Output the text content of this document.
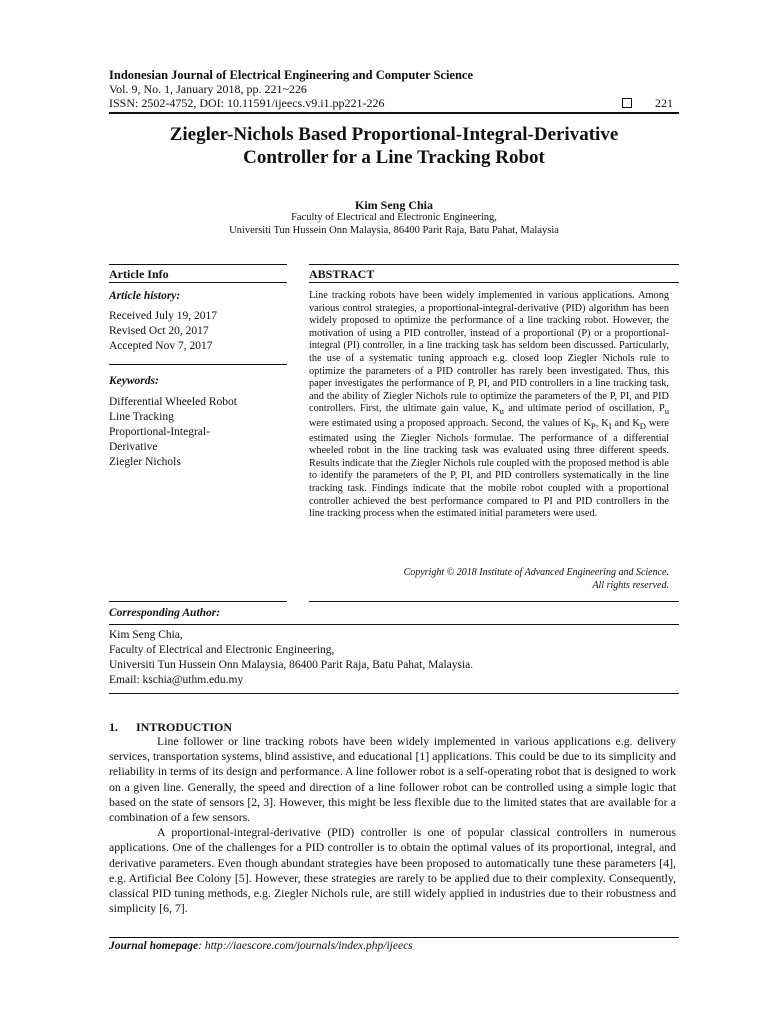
Indonesian Journal of Electrical Engineering and Computer Science
Vol. 9, No. 1, January 2018, pp. 221~226
ISSN: 2502-4752, DOI: 10.11591/ijeecs.v9.i1.pp221-226	221
Ziegler-Nichols Based Proportional-Integral-Derivative
Controller for a Line Tracking Robot
Kim Seng Chia
Faculty of Electrical and Electronic Engineering,
Universiti Tun Hussein Onn Malaysia, 86400 Parit Raja, Batu Pahat, Malaysia
Article Info	ABSTRACT
Article history:
Received July 19, 2017
Revised Oct 20, 2017
Accepted Nov 7, 2017
Keywords:
Differential Wheeled Robot
Line Tracking
Proportional-Integral-
Derivative
Ziegler Nichols
Line tracking robots have been widely implemented in various applications. Among various control strategies, a proportional-integral-derivative (PID) algorithm has been widely proposed to optimize the performance of a line tracking robot. However, the motivation of using a PID controller, instead of a proportional (P) or a proportional-integral (PI) controller, in a line tracking task has seldom been discussed. Particularly, the use of a systematic tuning approach e.g. closed loop Ziegler Nichols rule to optimize the parameters of a PID controller has rarely been investigated. Thus, this paper investigates the performance of P, PI, and PID controllers in a line tracking task, and the ability of Ziegler Nichols rule to optimize the parameters of the P, PI, and PID controllers. First, the ultimate gain value, $K_u$ and ultimate period of oscillation, $P_u$ were estimated using a proposed approach. Second, the values of $K_P$, $K_I$ and $K_D$ were estimated using the Ziegler Nichols formulae. The performance of a differential wheeled robot in the line tracking task was evaluated using three different speeds. Results indicate that the Ziegler Nichols rule coupled with the proposed method is able to identify the parameters of the P, PI, and PID controllers systematically in the line tracking task. Findings indicate that the mobile robot coupled with a proportional controller achieved the best performance compared to PI and PID controllers in the line tracking process when the estimated initial parameters were used.
Copyright © 2018 Institute of Advanced Engineering and Science.
All rights reserved.
Corresponding Author:
Kim Seng Chia,
Faculty of Electrical and Electronic Engineering,
Universiti Tun Hussein Onn Malaysia, 86400 Parit Raja, Batu Pahat, Malaysia.
Email: kschia@uthm.edu.my
1. INTRODUCTION

Line follower or line tracking robots have been widely implemented in various applications e.g. delivery services, transportation systems, blind assistive, and educational [1] applications. This could be due to its simplicity and reliability in terms of its design and performance. A line follower robot is a self-operating robot that is designed to work on a given line. Generally, the speed and direction of a line follower robot can be controlled using a simple logic that based on the state of sensors [2, 3]. However, this might be less flexible due to the limited states that are available for a combination of a few sensors.

A proportional-integral-derivative (PID) controller is one of popular classical controllers in numerous applications. One of the challenges for a PID controller is to obtain the optimal values of its proportional, integral, and derivative parameters. Even though abundant strategies have been proposed to automatically tune these parameters [4], e.g. Artificial Bee Colony [5]. However, these strategies are rarely to be applied due to their complexity. Consequently, classical PID tuning methods, e.g. Ziegler Nichols rule, are still widely applied in industries due to their robustness and simplicity [6, 7].

Journal homepage: http://iaescore.com/journals/index.php/ijeecs
